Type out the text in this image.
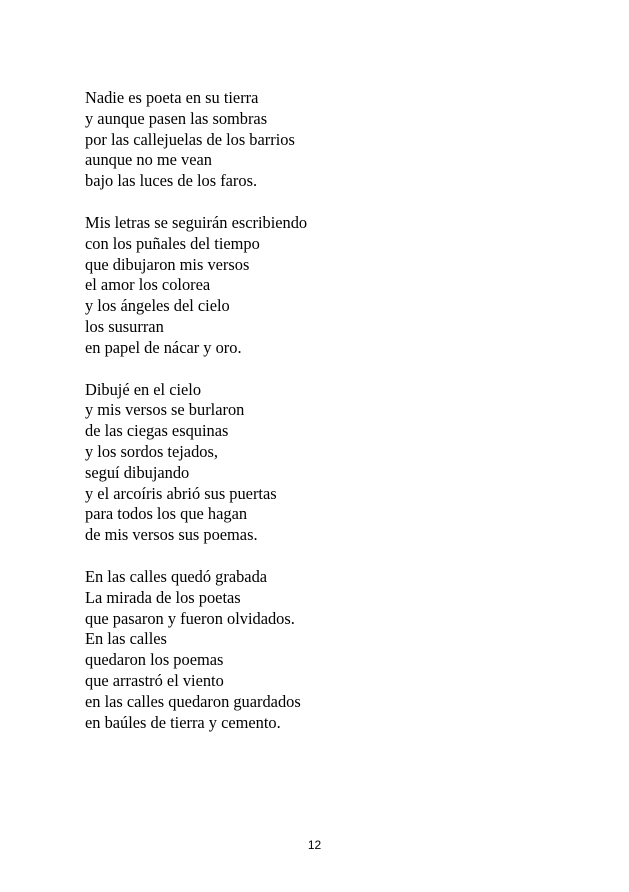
Nadie es poeta en su tierra
y aunque pasen las sombras
por las callejuelas de los barrios
aunque no me vean
bajo las luces de los faros.
Mis letras se seguirán escribiendo
con los puñales del tiempo
que dibujaron mis versos
el amor los colorea
y los ángeles del cielo
los susurran
en papel de nácar y oro.
Dibujé en el cielo
y mis versos se burlaron
de las ciegas esquinas
y los sordos tejados,
seguí dibujando
y el arcoíris abrió sus puertas
para todos los que hagan
de mis versos sus poemas.
En las calles quedó grabada
La mirada de los poetas
que pasaron y fueron olvidados.
En las calles
quedaron los poemas
que arrastró el viento
en las calles quedaron guardados
en baúles de tierra y cemento.
12
